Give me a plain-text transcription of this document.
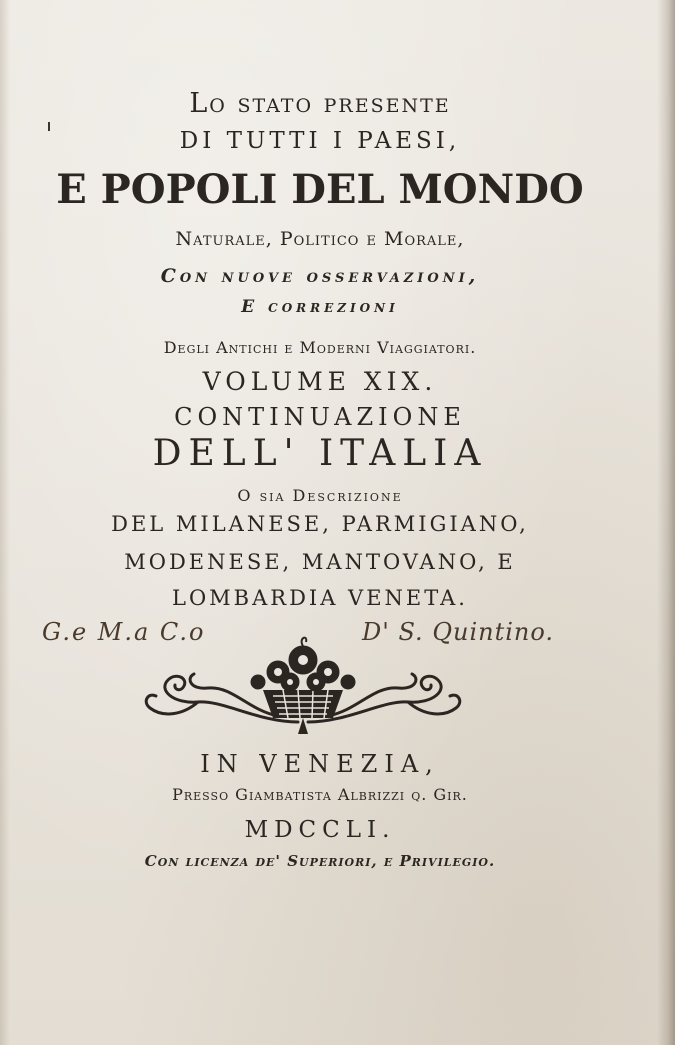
Lo stato presente
DI TUTTI I PAESI,
E POPOLI DEL MONDO
Naturale, Politico e Morale,
Con nuove osservazioni,
E correzioni
Degli Antichi e Moderni Viaggiatori.
VOLUME XIX.
CONTINUAZIONE
DELL' ITALIA
O sia Descrizione
DEL MILANESE, PARMIGIANO,
MODENESE, MANTOVANO, E
LOMBARDIA VENETA.
G.e M.a C.o	D' S. Quintino.
IN VENEZIA,
Presso Giambatista Albrizzi q. Gir.
MDCCLI.
Con licenza de' Superiori, e Privilegio.
